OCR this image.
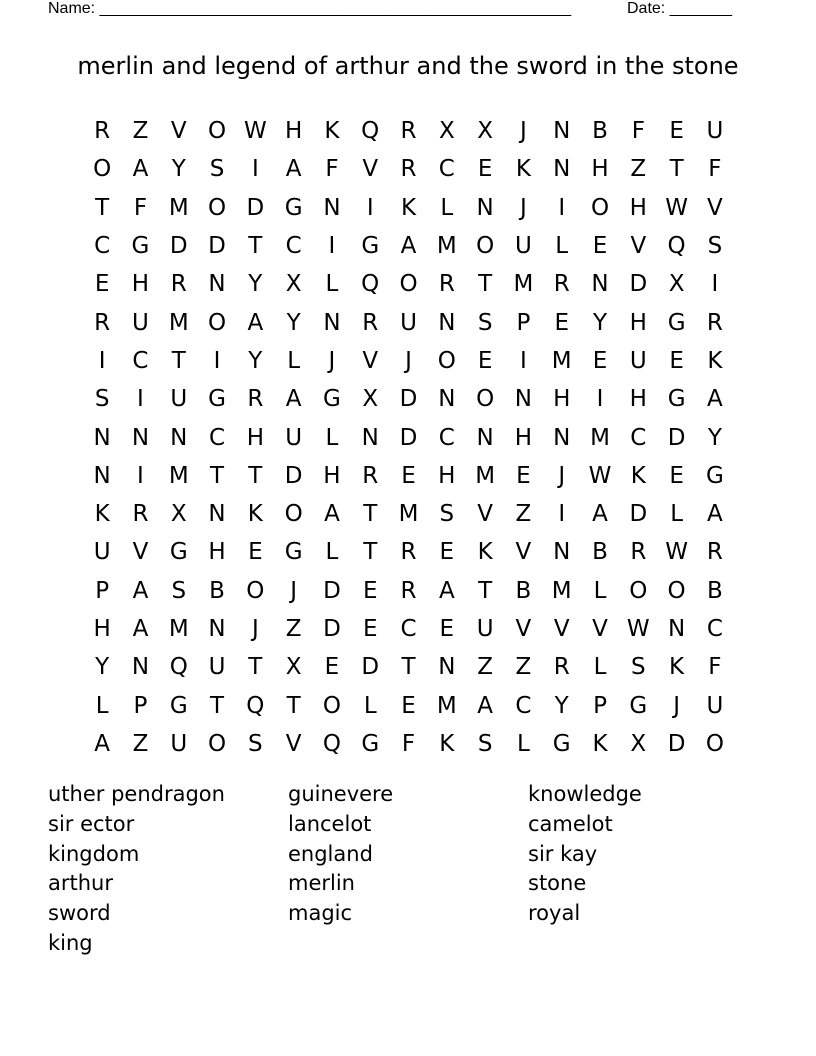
Name: _____________________________________________________	Date: _______
merlin and legend of arthur and the sword in the stone
R Z V O W H K Q R X X	J	N B	F	E U
O A	Y	S	I	A	F	V R C	E	K N H Z	T	F
T	F M O D G N	I	K	L	N	J	I	O H W V
C G D D T	C	I	G A M O U	L	E	V Q S
E H R N Y	X	L Q O R	T M R N D X	I
R U M O A	Y N R U N S	P	E	Y H G R
I	C	T	I	Y	L	J	V	J	O E	I	M E U E	K
S	I	U G R A G X D N O N H	I	H G A
N N N C H U	L	N D C N H N M C D Y
N	I	M T	T D H R	E H M E	J	W K	E G
K R X N K O A	T M S	V Z	I	A D	L	A
U V G H E G L	T	R	E	K V N B R W R
P	A	S	B O	J	D E	R A	T	B M L O O B
H A M N	J	Z D E C	E U V V V W N C
Y N Q U T	X	E D T N Z Z R	L	S	K	F
L	P G T Q T O L	E M A C	Y	P G	J	U
A Z U O S	V Q G F	K	S	L G K X D O
uther pendragon	guinevere	knowledge
sir ector	lancelot	camelot
kingdom	england	sir kay
arthur	merlin	stone
sword	magic	royal
king
